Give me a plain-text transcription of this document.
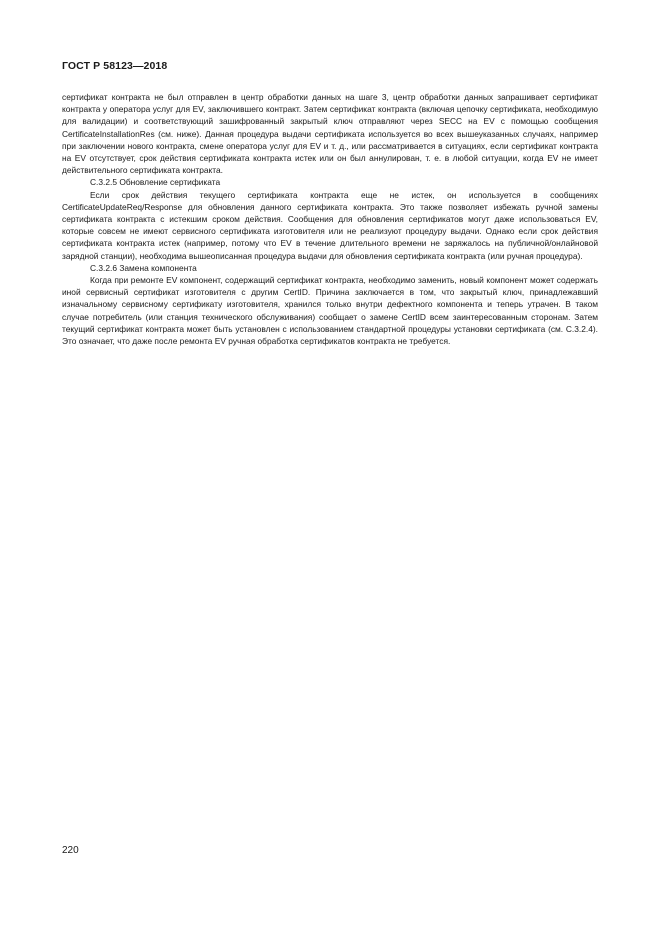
ГОСТ Р 58123—2018

сертификат контракта не был отправлен в центр обработки данных на шаге 3, центр обработки данных запрашивает сертификат контракта у оператора услуг для EV, заключившего контракт. Затем сертификат контракта (включая цепочку сертификата, необходимую для валидации) и соответствующий зашифрованный закрытый ключ отправляют через SECC на EV с помощью сообщения CertificateInstallationRes (см. ниже). Данная процедура выдачи сертификата используется во всех вышеуказанных случаях, например при заключении нового контракта, смене оператора услуг для EV и т. д., или рассматривается в ситуациях, если сертификат контракта на EV отсутствует, срок действия сертификата контракта истек или он был аннулирован, т. е. в любой ситуации, когда EV не имеет действительного сертификата контракта.

C.3.2.5 Обновление сертификата

Если срок действия текущего сертификата контракта еще не истек, он используется в сообщениях CertificateUpdateReq/Response для обновления данного сертификата контракта. Это также позволяет избежать ручной замены сертификата контракта с истекшим сроком действия. Сообщения для обновления сертификатов могут даже использоваться EV, которые совсем не имеют сервисного сертификата изготовителя или не реализуют процедуру выдачи. Однако если срок действия сертификата контракта истек (например, потому что EV в течение длительного времени не заряжалось на публичной/онлайновой зарядной станции), необходима вышеописанная процедура выдачи для обновления сертификата контракта (или ручная процедура).

C.3.2.6 Замена компонента

Когда при ремонте EV компонент, содержащий сертификат контракта, необходимо заменить, новый компонент может содержать иной сервисный сертификат изготовителя с другим CertID. Причина заключается в том, что закрытый ключ, принадлежавший изначальному сервисному сертификату изготовителя, хранился только внутри дефектного компонента и теперь утрачен. В таком случае потребитель (или станция технического обслуживания) сообщает о замене CertID всем заинтересованным сторонам. Затем текущий сертификат контракта может быть установлен с использованием стандартной процедуры установки сертификата (см. C.3.2.4). Это означает, что даже после ремонта EV ручная обработка сертификатов контракта не требуется.

220
